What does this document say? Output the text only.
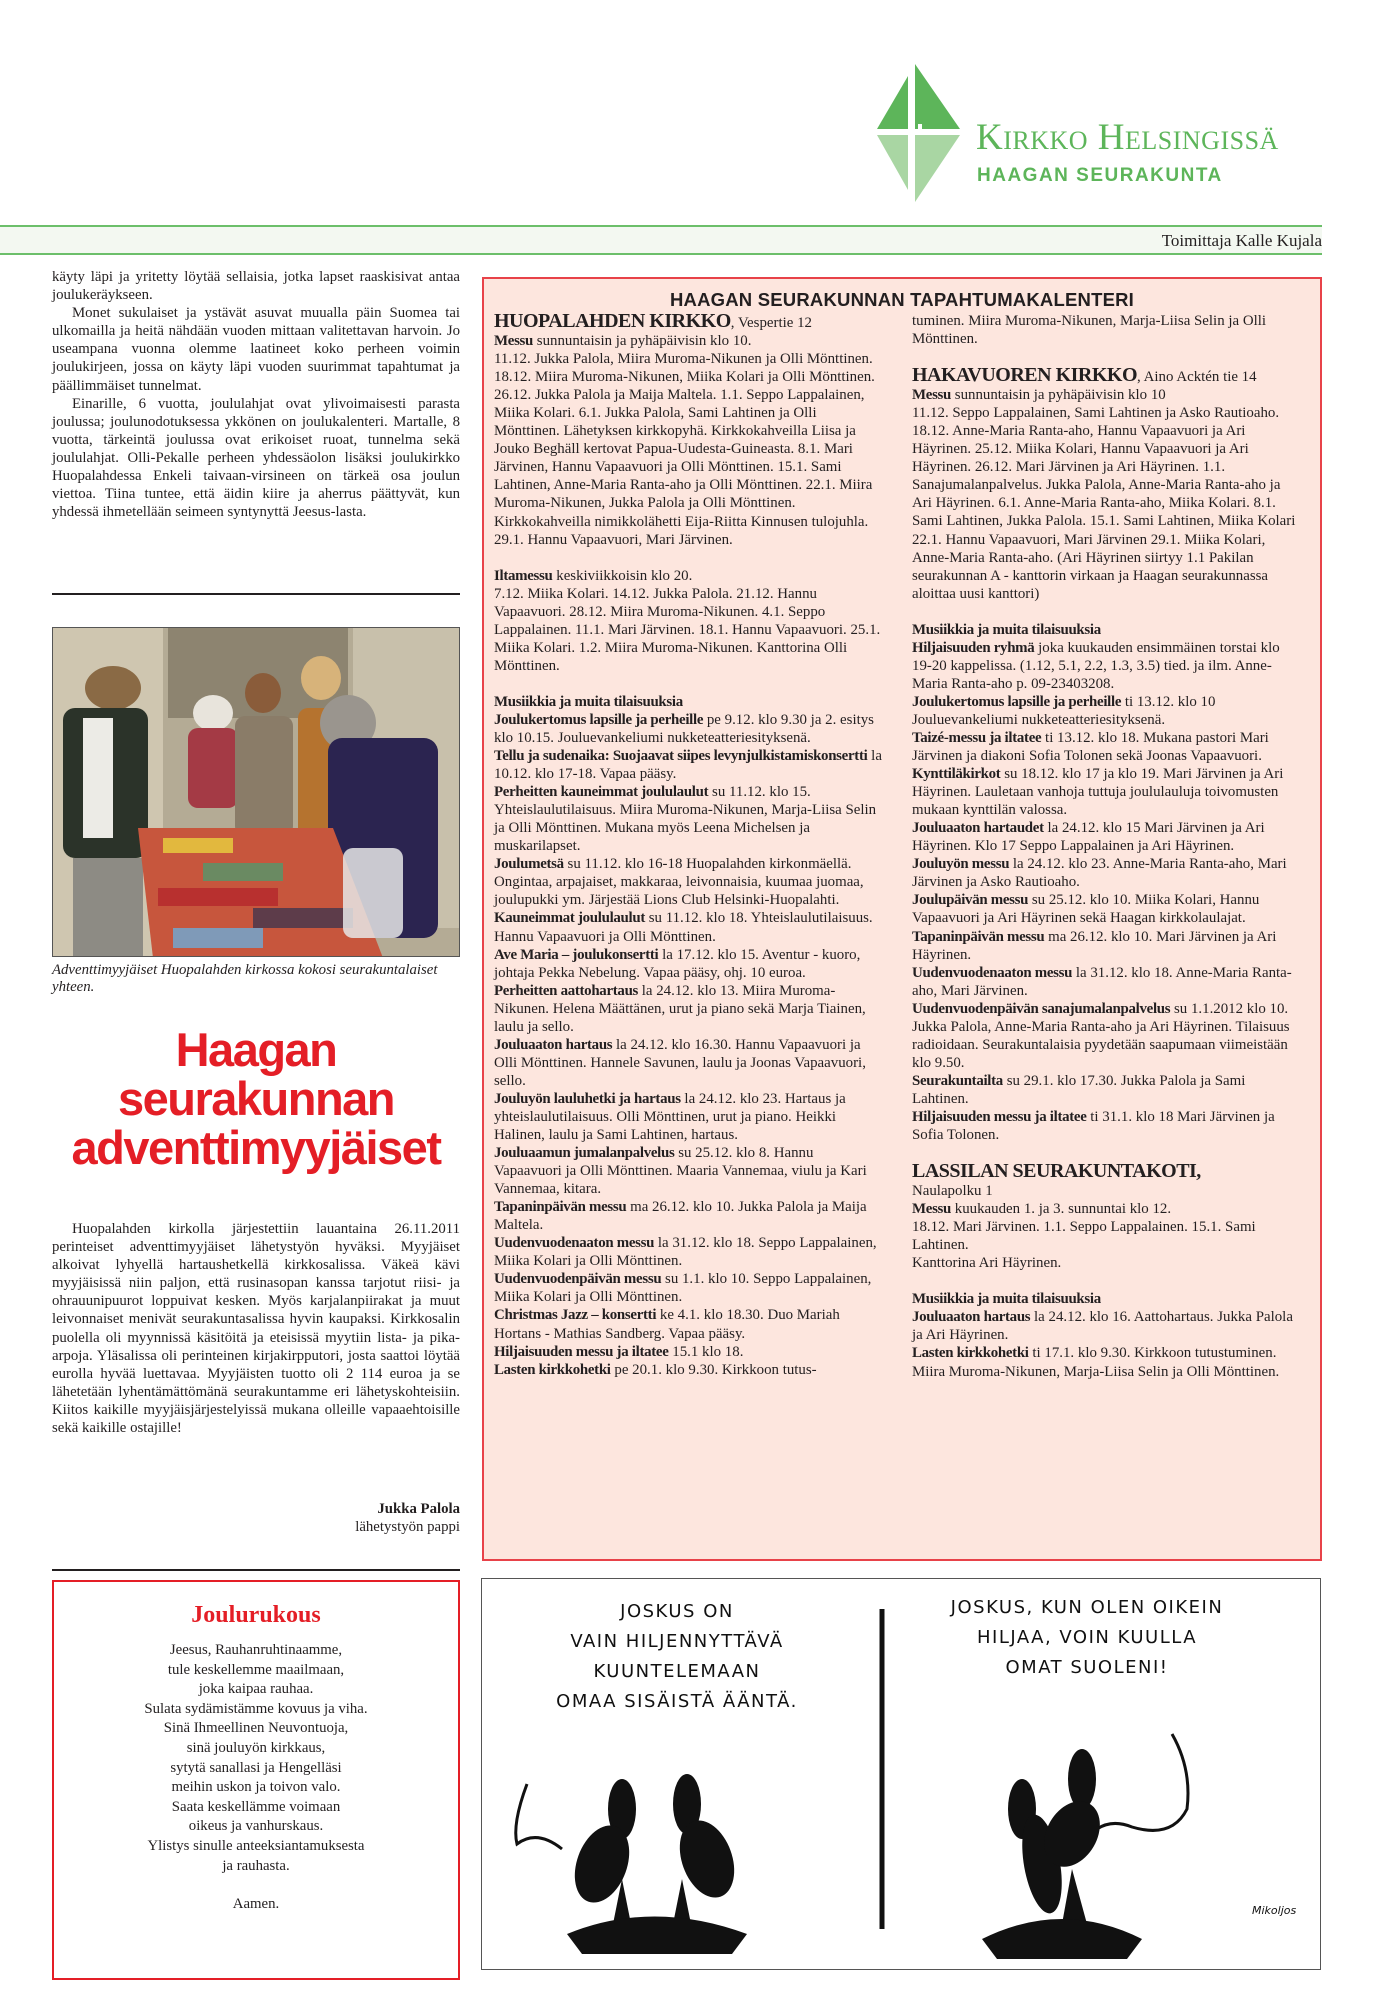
Kirkko Helsingissä
HAAGAN SEURAKUNTA
Toimittaja Kalle Kujala

käyty läpi ja yritetty löytää sellaisia, jotka lapset raaskisivat antaa joulukeräykseen.

Monet sukulaiset ja ystävät asuvat muualla päin Suomea tai ulkomailla ja heitä nähdään vuoden mittaan valitettavan harvoin. Jo useampana vuonna olemme laatineet koko perheen voimin joulukirjeen, jossa on käyty läpi vuoden suurimmat tapahtumat ja päällimmäiset tunnelmat.

Einarille, 6 vuotta, joululahjat ovat ylivoimaisesti parasta joulussa; joulunodotuksessa ykkönen on joulukalenteri. Martalle, 8 vuotta, tärkeintä joulussa ovat erikoiset ruoat, tunnelma sekä joululahjat. Olli-Pekalle perheen yhdessäolon lisäksi joulukirkko Huopalahdessa Enkeli taivaan-virsineen on tärkeä osa joulun viettoa. Tiina tuntee, että äidin kiire ja aherrus päättyvät, kun yhdessä ihmetellään seimeen syntynyttä Jeesus-lasta.

Adventtimyyjäiset Huopalahden kirkossa kokosi seurakuntalaiset yhteen.
Haagan
seurakunnan
adventtimyyjäiset

Huopalahden kirkolla järjestettiin lauantaina 26.11.2011 perinteiset adventtimyyjäiset lähetystyön hyväksi. Myyjäiset alkoivat lyhyellä hartaushetkellä kirkkosalissa. Väkeä kävi myyjäisissä niin paljon, että rusinasopan kanssa tarjotut riisi- ja ohrauunipuurot loppuivat kesken. Myös karjalanpiirakat ja muut leivonnaiset menivät seurakuntasalissa hyvin kaupaksi. Kirkkosalin puolella oli myynnissä käsitöitä ja eteisissä myytiin lista- ja pika-arpoja. Yläsalissa oli perinteinen kirjakirpputori, josta saattoi löytää eurolla hyvää luettavaa. Myyjäisten tuotto oli 2 114 euroa ja se lähetetään lyhentämättömänä seurakuntamme eri lähetyskohteisiin. Kiitos kaikille myyjäisjärjestelyissä mukana olleille vapaaehtoisille sekä kaikille ostajille!

Jukka Palola
lähetystyön pappi
HAAGAN SEURAKUNNAN TAPAHTUMAKALENTERI
HUOPALAHDEN KIRKKO, Vespertie 12
Messu sunnuntaisin ja pyhäpäivisin klo 10.
11.12. Jukka Palola, Miira Muroma-Nikunen ja Olli Mönttinen. 18.12. Miira Muroma-Nikunen, Miika Kolari ja Olli Mönttinen. 26.12. Jukka Palola ja Maija Maltela. 1.1. Seppo Lappalainen, Miika Kolari. 6.1. Jukka Palola, Sami Lahtinen ja Olli Mönttinen. Lähetyksen kirkkopyhä. Kirkkokahveilla Liisa ja Jouko Beghäll kertovat Papua-Uudesta-Guineasta. 8.1. Mari Järvinen, Hannu Vapaavuori ja Olli Mönttinen. 15.1. Sami Lahtinen, Anne-Maria Ranta-aho ja Olli Mönttinen. 22.1. Miira Muroma-Nikunen, Jukka Palola ja Olli Mönttinen. Kirkkokahveilla nimikkolähetti Eija-Riitta Kinnusen tulojuhla. 29.1. Hannu Vapaavuori, Mari Järvinen.
Iltamessu keskiviikkoisin klo 20.
7.12. Miika Kolari. 14.12. Jukka Palola. 21.12. Hannu Vapaavuori. 28.12. Miira Muroma-Nikunen. 4.1. Seppo Lappalainen. 11.1. Mari Järvinen. 18.1. Hannu Vapaavuori. 25.1. Miika Kolari. 1.2. Miira Muroma-Nikunen. Kanttorina Olli Mönttinen.
Musiikkia ja muita tilaisuuksia
Joulukertomus lapsille ja perheille pe 9.12. klo 9.30 ja 2. esitys klo 10.15. Jouluevankeliumi nukketeatteriesityksenä.
Tellu ja sudenaika: Suojaavat siipes levynjulkistamiskonsertti la 10.12. klo 17-18. Vapaa pääsy.
Perheitten kauneimmat joululaulut su 11.12. klo 15. Yhteislaulutilaisuus. Miira Muroma-Nikunen, Marja-Liisa Selin ja Olli Mönttinen. Mukana myös Leena Michelsen ja muskarilapset.
Joulumetsä su 11.12. klo 16-18 Huopalahden kirkonmäellä. Ongintaa, arpajaiset, makkaraa, leivonnaisia, kuumaa juomaa, joulupukki ym. Järjestää Lions Club Helsinki-Huopalahti.
Kauneimmat joululaulut su 11.12. klo 18. Yhteislaulutilaisuus. Hannu Vapaavuori ja Olli Mönttinen.
Ave Maria – joulukonsertti la 17.12. klo 15. Aventur - kuoro, johtaja Pekka Nebelung. Vapaa pääsy, ohj. 10 euroa.
Perheitten aattohartaus la 24.12. klo 13. Miira Muroma-Nikunen. Helena Määttänen, urut ja piano sekä Marja Tiainen, laulu ja sello.
Jouluaaton hartaus la 24.12. klo 16.30. Hannu Vapaavuori ja Olli Mönttinen. Hannele Savunen, laulu ja Joonas Vapaavuori, sello.
Jouluyön lauluhetki ja hartaus la 24.12. klo 23. Hartaus ja yhteislaulutilaisuus. Olli Mönttinen, urut ja piano. Heikki Halinen, laulu ja Sami Lahtinen, hartaus.
Jouluaamun jumalanpalvelus su 25.12. klo 8. Hannu Vapaavuori ja Olli Mönttinen. Maaria Vannemaa, viulu ja Kari Vannemaa, kitara.
Tapaninpäivän messu ma 26.12. klo 10. Jukka Palola ja Maija Maltela.
Uudenvuodenaaton messu la 31.12. klo 18. Seppo Lappalainen, Miika Kolari ja Olli Mönttinen.
Uudenvuodenpäivän messu su 1.1. klo 10. Seppo Lappalainen, Miika Kolari ja Olli Mönttinen.
Christmas Jazz – konsertti ke 4.1. klo 18.30. Duo Mariah Hortans - Mathias Sandberg. Vapaa pääsy.
Hiljaisuuden messu ja iltatee 15.1 klo 18.
Lasten kirkkohetki pe 20.1. klo 9.30. Kirkkoon tutus-
tuminen. Miira Muroma-Nikunen, Marja-Liisa Selin ja Olli Mönttinen.
HAKAVUOREN KIRKKO, Aino Acktén tie 14
Messu sunnuntaisin ja pyhäpäivisin klo 10
11.12. Seppo Lappalainen, Sami Lahtinen ja Asko Rautioaho. 18.12. Anne-Maria Ranta-aho, Hannu Vapaavuori ja Ari Häyrinen. 25.12. Miika Kolari, Hannu Vapaavuori ja Ari Häyrinen. 26.12. Mari Järvinen ja Ari Häyrinen. 1.1. Sanajumalanpalvelus. Jukka Palola, Anne-Maria Ranta-aho ja Ari Häyrinen. 6.1. Anne-Maria Ranta-aho, Miika Kolari. 8.1. Sami Lahtinen, Jukka Palola. 15.1. Sami Lahtinen, Miika Kolari 22.1. Hannu Vapaavuori, Mari Järvinen 29.1. Miika Kolari, Anne-Maria Ranta-aho. (Ari Häyrinen siirtyy 1.1 Pakilan seurakunnan A - kanttorin virkaan ja Haagan seurakunnassa aloittaa uusi kanttori)
Musiikkia ja muita tilaisuuksia
Hiljaisuuden ryhmä joka kuukauden ensimmäinen torstai klo 19-20 kappelissa. (1.12, 5.1, 2.2, 1.3, 3.5) tied. ja ilm. Anne-Maria Ranta-aho p. 09-23403208.
Joulukertomus lapsille ja perheille ti 13.12. klo 10 Jouluevankeliumi nukketeatteriesityksenä.
Taizé-messu ja iltatee ti 13.12. klo 18. Mukana pastori Mari Järvinen ja diakoni Sofia Tolonen sekä Joonas Vapaavuori.
Kynttiläkirkot su 18.12. klo 17 ja klo 19. Mari Järvinen ja Ari Häyrinen. Lauletaan vanhoja tuttuja joululauluja toivomusten mukaan kynttilän valossa.
Jouluaaton hartaudet la 24.12. klo 15 Mari Järvinen ja Ari Häyrinen. Klo 17 Seppo Lappalainen ja Ari Häyrinen.
Jouluyön messu la 24.12. klo 23. Anne-Maria Ranta-aho, Mari Järvinen ja Asko Rautioaho.
Joulupäivän messu su 25.12. klo 10. Miika Kolari, Hannu Vapaavuori ja Ari Häyrinen sekä Haagan kirkkolaulajat.
Tapaninpäivän messu ma 26.12. klo 10. Mari Järvinen ja Ari Häyrinen.
Uudenvuodenaaton messu la 31.12. klo 18. Anne-Maria Ranta-aho, Mari Järvinen.
Uudenvuodenpäivän sanajumalanpalvelus su 1.1.2012 klo 10. Jukka Palola, Anne-Maria Ranta-aho ja Ari Häyrinen. Tilaisuus radioidaan. Seurakuntalaisia pyydetään saapumaan viimeistään klo 9.50.
Seurakuntailta su 29.1. klo 17.30. Jukka Palola ja Sami Lahtinen.
Hiljaisuuden messu ja iltatee ti 31.1. klo 18 Mari Järvinen ja Sofia Tolonen.
LASSILAN SEURAKUNTAKOTI,
Naulapolku 1
Messu kuukauden 1. ja 3. sunnuntai klo 12.
18.12. Mari Järvinen. 1.1. Seppo Lappalainen. 15.1. Sami Lahtinen.
Kanttorina Ari Häyrinen.
Musiikkia ja muita tilaisuuksia
Jouluaaton hartaus la 24.12. klo 16. Aattohartaus. Jukka Palola ja Ari Häyrinen.
Lasten kirkkohetki ti 17.1. klo 9.30. Kirkkoon tutustuminen. Miira Muroma-Nikunen, Marja-Liisa Selin ja Olli Mönttinen.
Joulurukous
Jeesus, Rauhanruhtinaamme,
tule keskellemme maailmaan,
joka kaipaa rauhaa.
Sulata sydämistämme kovuus ja viha.
Sinä Ihmeellinen Neuvontuoja,
sinä jouluyön kirkkaus,
sytytä sanallasi ja Hengelläsi
meihin uskon ja toivon valo.
Saata keskellämme voimaan
oikeus ja vanhurskaus.
Ylistys sinulle anteeksiantamuksesta
ja rauhasta.
Aamen.
JOSKUS ON
VAIN HILJENNYTTÄVÄ
KUUNTELEMAAN
OMAA SISÄISTÄ ÄÄNTÄ.
JOSKUS, KUN OLEN OIKEIN
HILJAA, VOIN KUULLA
OMAT SUOLENI!
Mikoljos
